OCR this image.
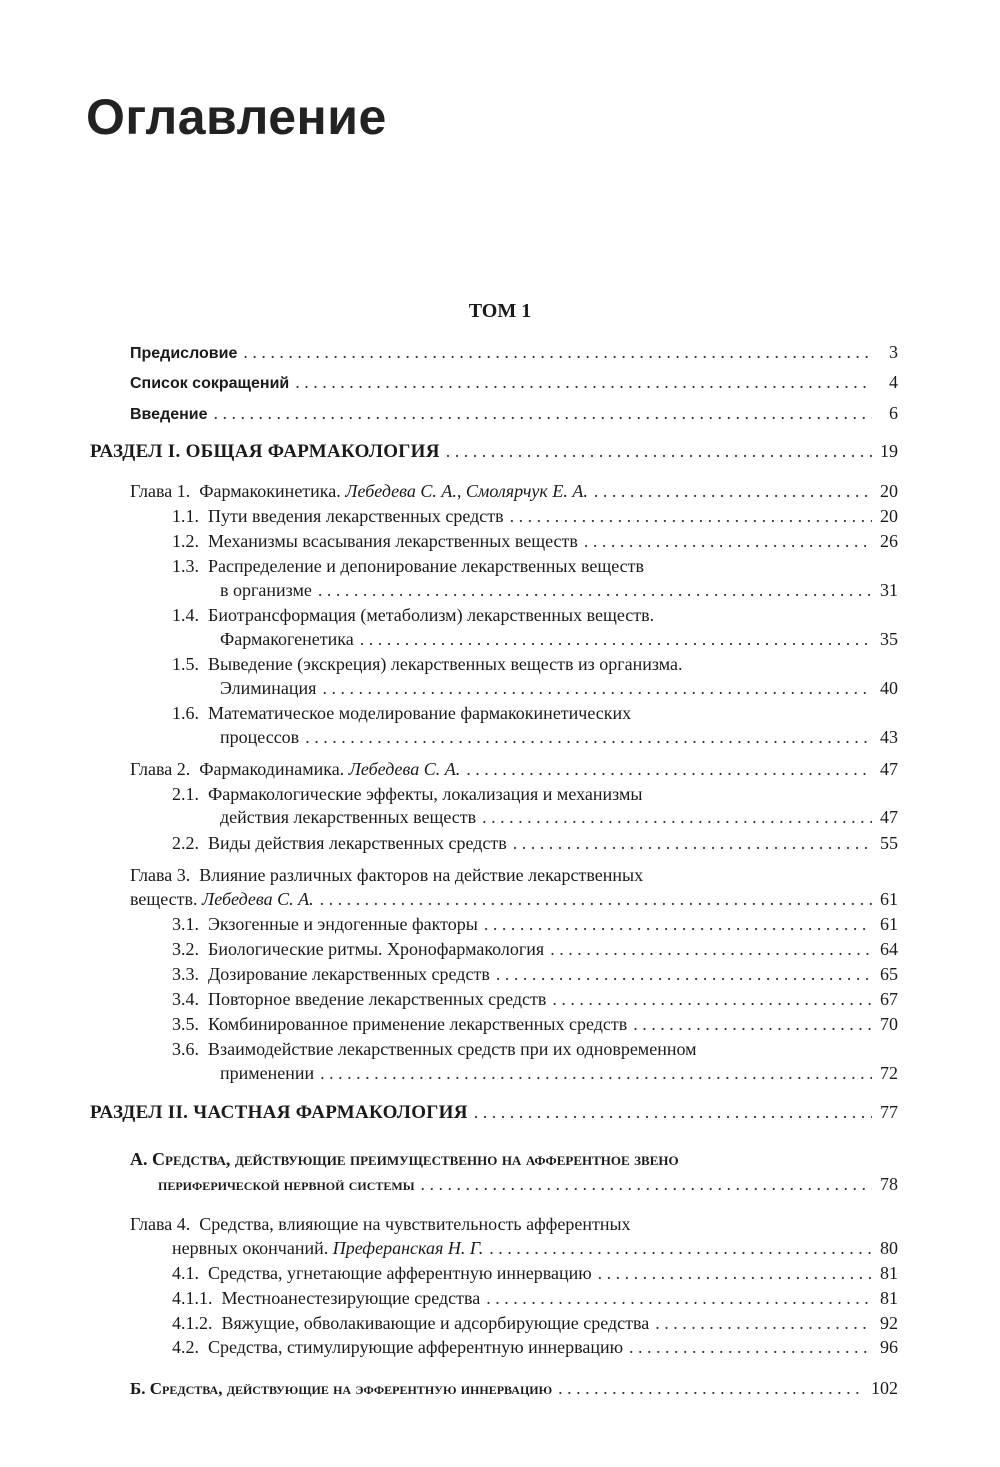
Оглавление
ТОМ 1
Предисловие . . .	3
Список сокращений . . .	4
Введение . . .	6
РАЗДЕЛ I. ОБЩАЯ ФАРМАКОЛОГИЯ . . .	19
Глава 1. Фармакокинетика. Лебедева С. А., Смолярчук Е. А. . . .	20
1.1. Пути введения лекарственных средств . . .	20
1.2. Механизмы всасывания лекарственных веществ . . .	26
1.3. Распределение и депонирование лекарственных веществ
в организме . . .	31
1.4. Биотрансформация (метаболизм) лекарственных веществ.
Фармакогенетика . . .	35
1.5. Выведение (экскреция) лекарственных веществ из организма.
Элиминация . . .	40
1.6. Математическое моделирование фармакокинетических
процессов . . .	43
Глава 2. Фармакодинамика. Лебедева С. А. . . .	47
2.1. Фармакологические эффекты, локализация и механизмы
действия лекарственных веществ . . .	47
2.2. Виды действия лекарственных средств . . .	55
Глава 3. Влияние различных факторов на действие лекарственных
веществ. Лебедева С. А. . . .	61
3.1. Экзогенные и эндогенные факторы . . .	61
3.2. Биологические ритмы. Хронофармакология . . .	64
3.3. Дозирование лекарственных средств . . .	65
3.4. Повторное введение лекарственных средств . . .	67
3.5. Комбинированное применение лекарственных средств . . .	70
3.6. Взаимодействие лекарственных средств при их одновременном
применении . . .	72
РАЗДЕЛ II. ЧАСТНАЯ ФАРМАКОЛОГИЯ . . .	77
А. Средства, действующие преимущественно на афферентное звено
периферической нервной системы . . .	78
Глава 4. Средства, влияющие на чувствительность афферентных
нервных окончаний. Преферанская Н. Г. . . .	80
4.1. Средства, угнетающие афферентную иннервацию . . .	81
4.1.1. Местноанестезирующие средства . . .	81
4.1.2. Вяжущие, обволакивающие и адсорбирующие средства . . .	92
4.2. Средства, стимулирующие афферентную иннервацию . . .	96
Б. Средства, действующие на эфферентную иннервацию . . .	102
